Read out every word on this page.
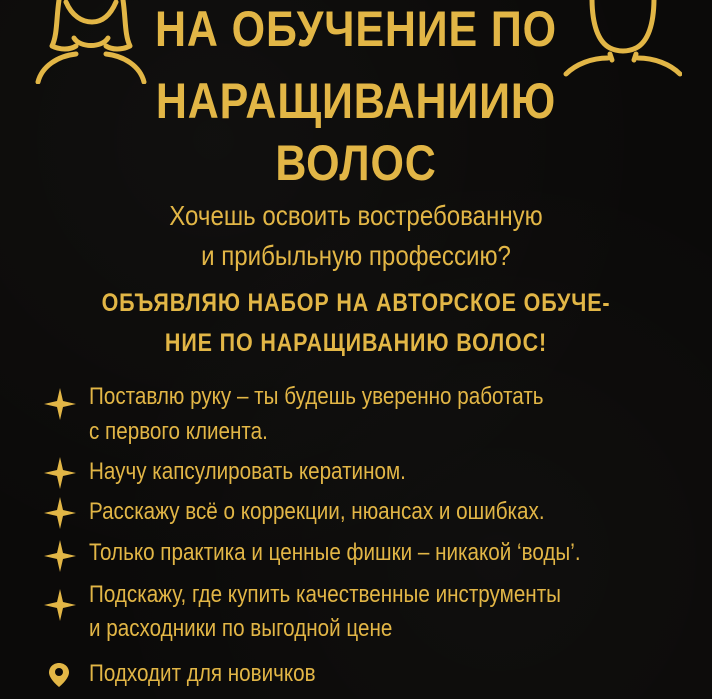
НА ОБУЧЕНИЕ ПО
НАРАЩИВАНИИЮ
ВОЛОС
Хочешь освоить востребованную
и прибыльную профессию?
ОБЪЯВЛЯЮ НАБОР НА АВТОРСКОЕ ОБУЧЕ-
НИЕ ПО НАРАЩИВАНИЮ ВОЛОС!
Поставлю руку – ты будешь уверенно работать
с первого клиента.
Научу капсулировать кератином.
Расскажу всё о коррекции, нюансах и ошибках.
Только практика и ценные фишки – никакой ‘воды’.
Подскажу, где купить качественные инструменты
и расходники по выгодной цене
Подходит для новичков
